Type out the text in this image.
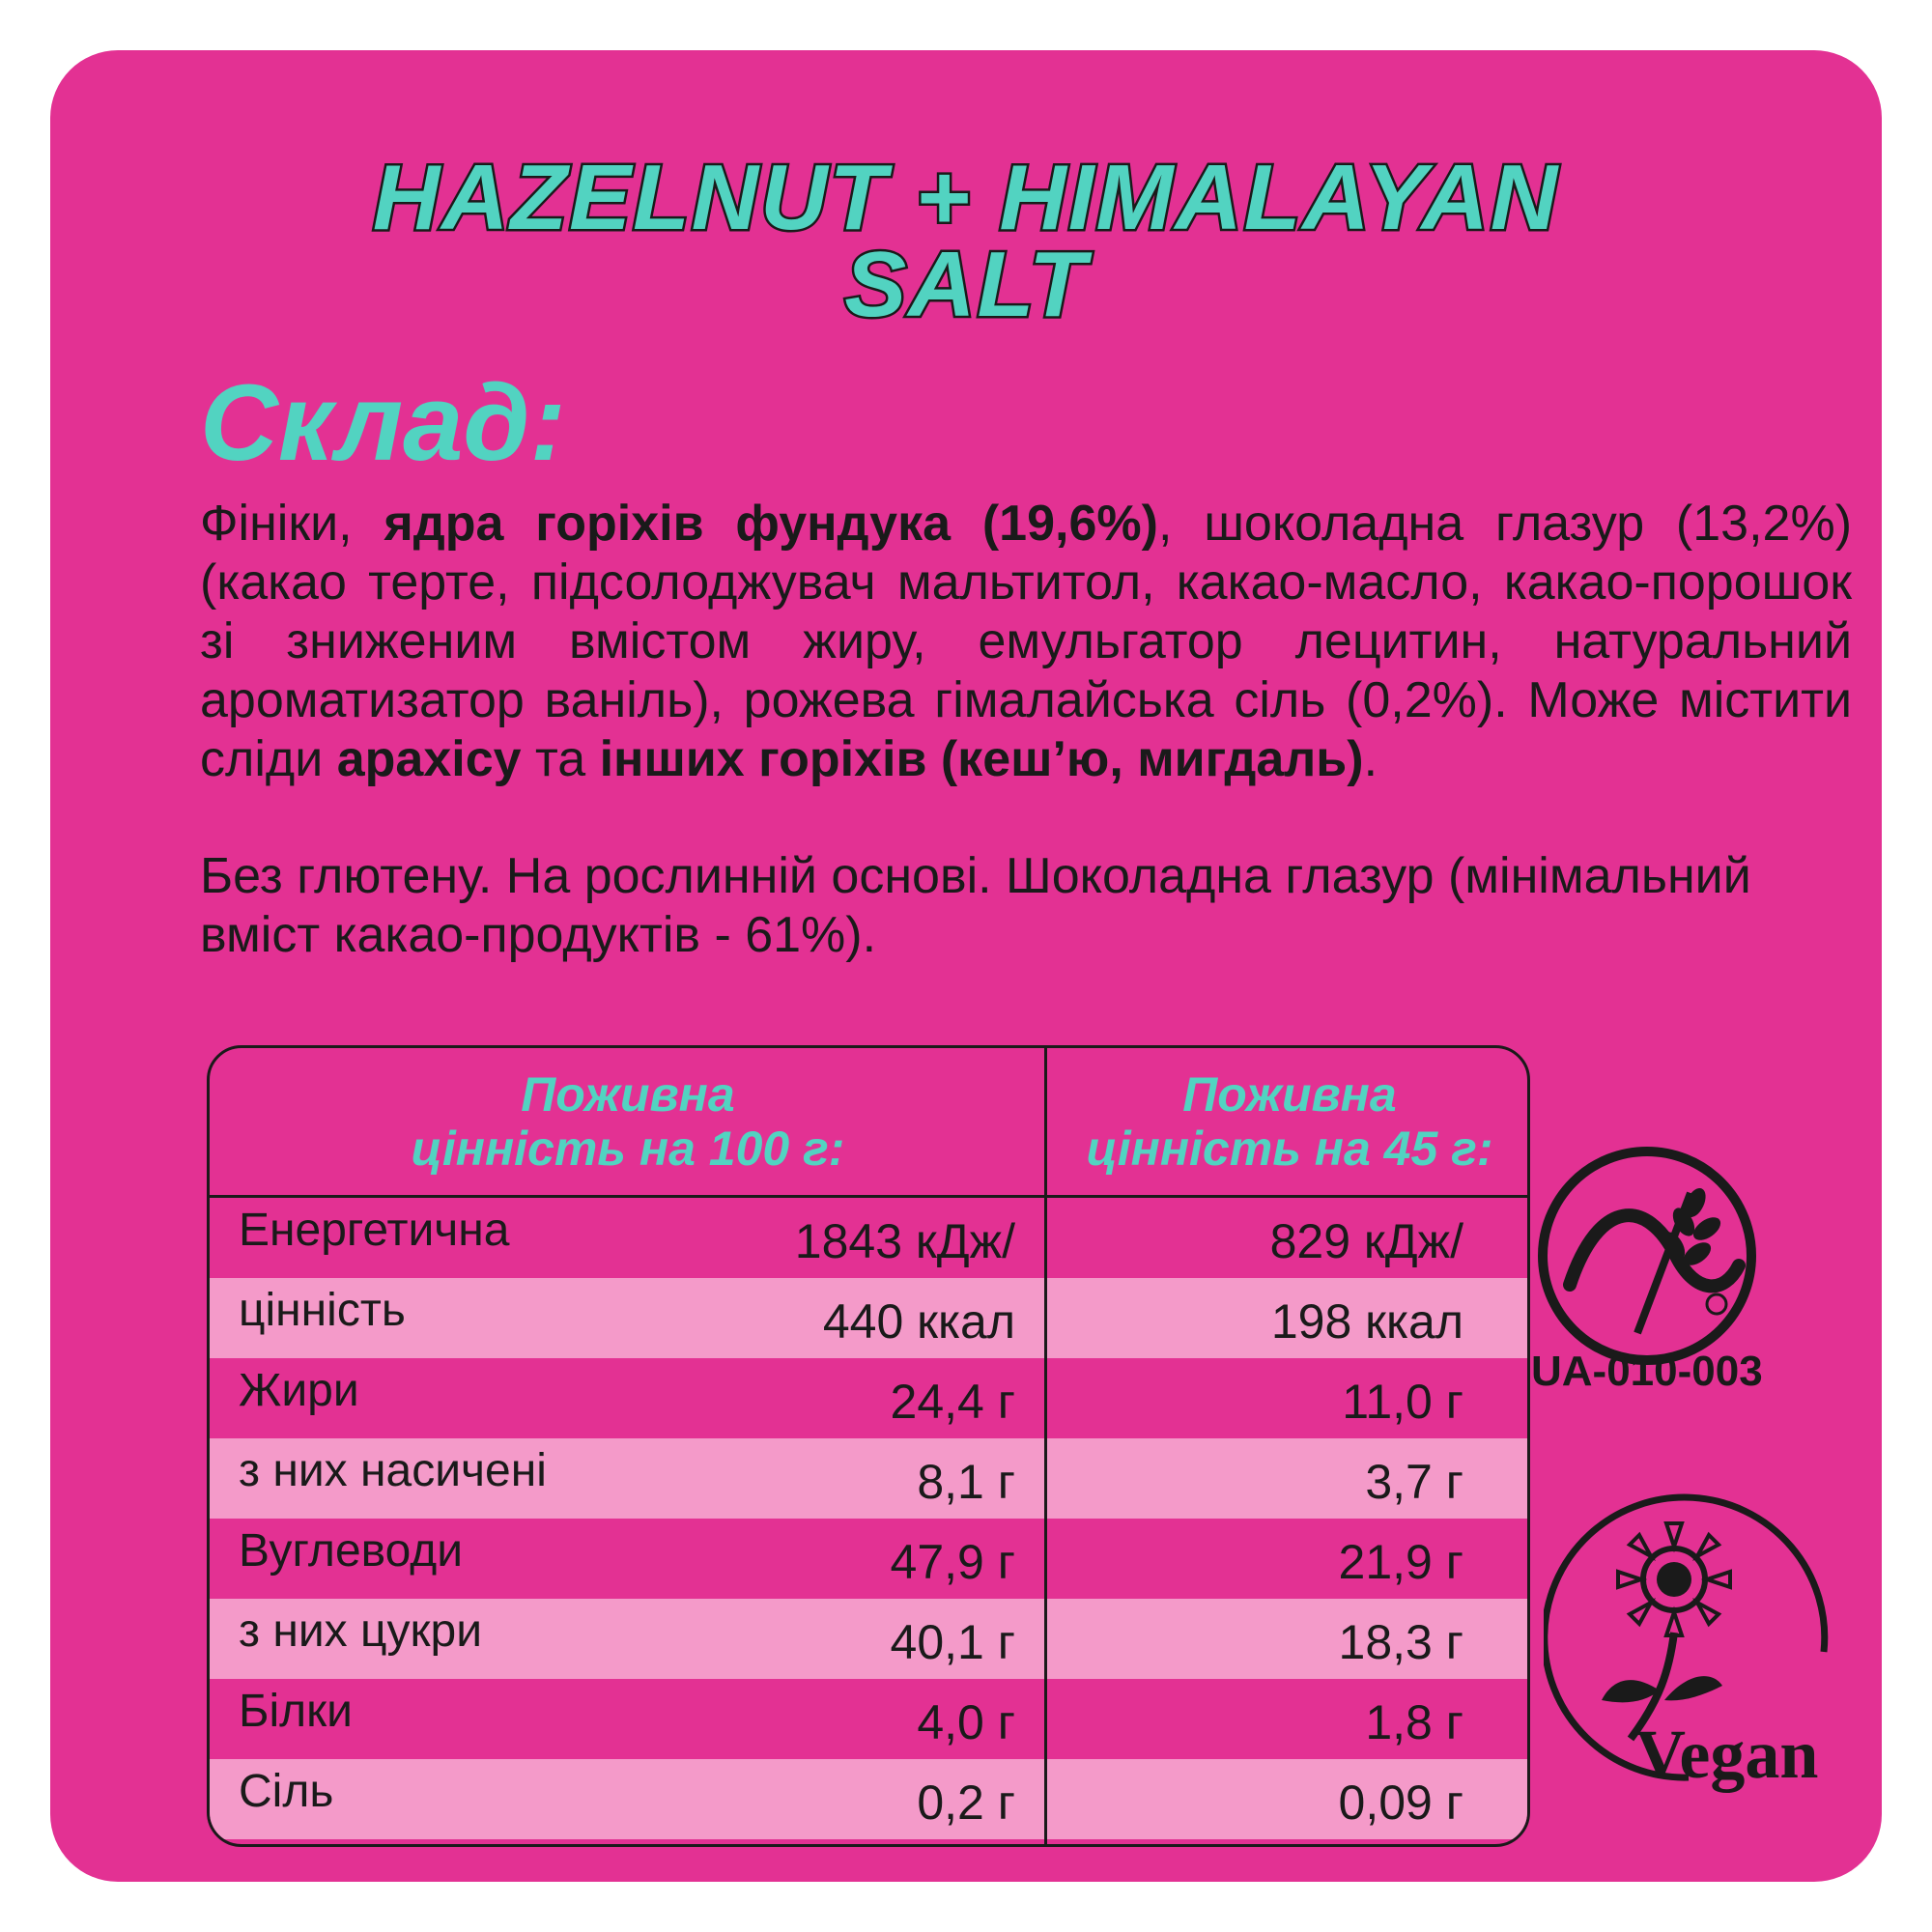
HAZELNUT + HIMALAYAN
SALT
Склад:
Фініки, ядра горіхів фундука (19,6%), шоколадна глазур (13,2%) (какао терте, підсолоджувач мальтитол, какао-масло, какао-порошок зі зниженим вмістом жиру, емульгатор лецитин, натуральний ароматизатор ваніль), рожева гімалайська сіль (0,2%). Може містити сліди арахісу та інших горіхів (кеш’ю, мигдаль).
Без глютену. На рослинній основі. Шоколадна глазур (мінімальний вміст какао-продуктів - 61%).
Поживна
цінність на 100 г:
Поживна
цінність на 45 г:
Енергетична	1843 кДж/	829 кДж/
цінність	440 ккал	198 ккал
Жири	24,4 г	11,0 г
з них насичені	8,1 г	3,7 г
Вуглеводи	47,9 г	21,9 г
з них цукри	40,1 г	18,3 г
Білки	4,0 г	1,8 г
Сіль	0,2 г	0,09 г
UA-010-003
Vegan
